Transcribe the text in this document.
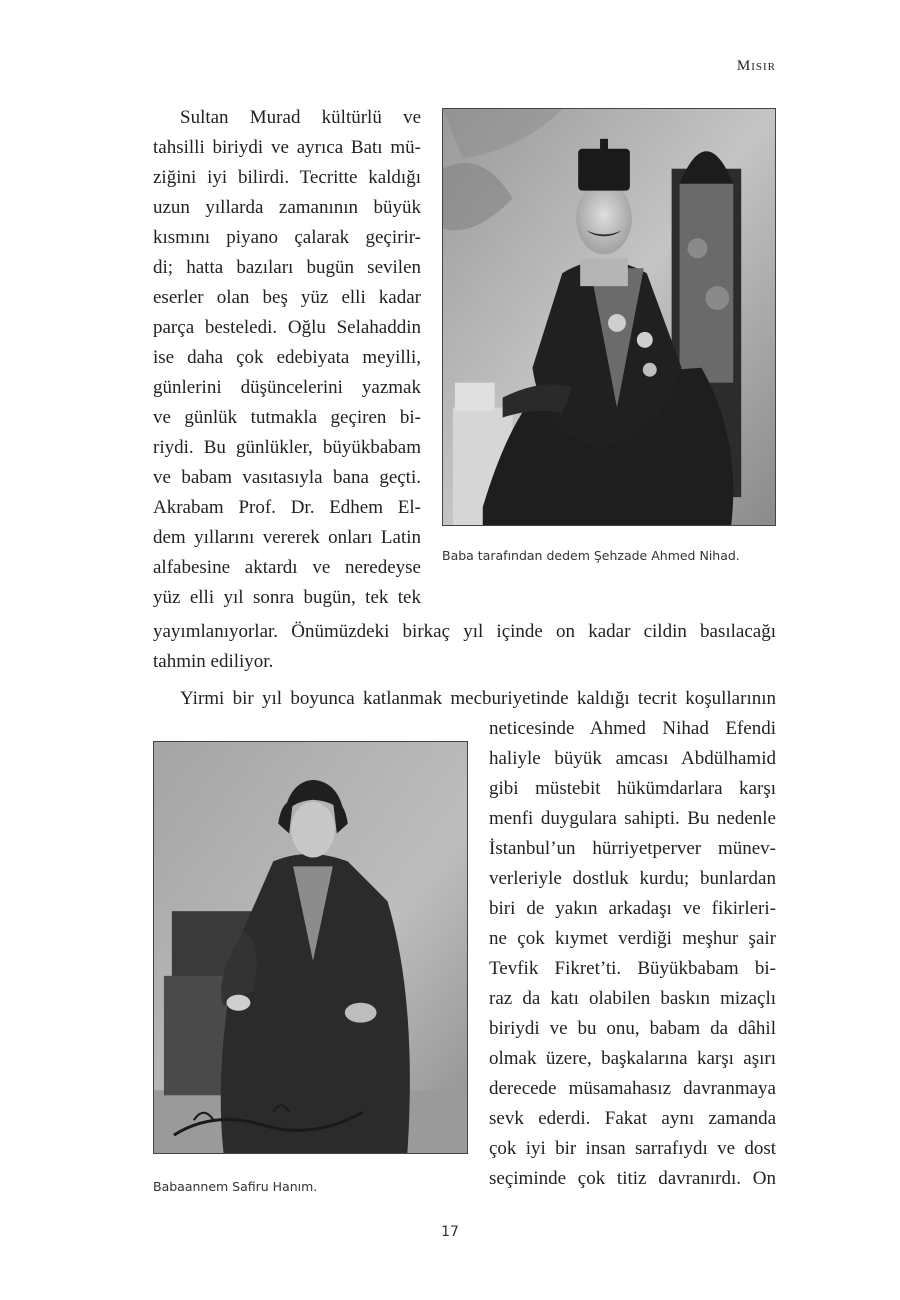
Mısır
Sultan Murad kültürlü ve
tahsilli biriydi ve ayrıca Batı mü-
ziğini iyi bilirdi. Tecritte kaldığı
uzun yıllarda zamanının büyük
kısmını piyano çalarak geçirir-
di; hatta bazıları bugün sevilen
eserler olan beş yüz elli kadar
parça besteledi. Oğlu Selahaddin
ise daha çok edebiyata meyilli,
günlerini düşüncelerini yazmak
ve günlük tutmakla geçiren bi-
riydi. Bu günlükler, büyükbabam
ve babam vasıtasıyla bana geçti.
Akrabam Prof. Dr. Edhem El-
dem yıllarını vererek onları Latin
alfabesine aktardı ve neredeyse
yüz elli yıl sonra bugün, tek tek
yayımlanıyorlar. Önümüzdeki birkaç yıl içinde on kadar cildin basılacağı
tahmin ediliyor.
Yirmi bir yıl boyunca katlanmak mecburiyetinde kaldığı tecrit koşullarının
neticesinde Ahmed Nihad Efendi
haliyle büyük amcası Abdülhamid
gibi müstebit hükümdarlara karşı
menfi duygulara sahipti. Bu nedenle
İstanbul’un hürriyetperver münev-
verleriyle dostluk kurdu; bunlardan
biri de yakın arkadaşı ve fikirleri-
ne çok kıymet verdiği meşhur şair
Tevfik Fikret’ti. Büyükbabam bi-
raz da katı olabilen baskın mizaçlı
biriydi ve bu onu, babam da dâhil
olmak üzere, başkalarına karşı aşırı
derecede müsamahasız davranmaya
sevk ederdi. Fakat aynı zamanda
çok iyi bir insan sarrafıydı ve dost
seçiminde çok titiz davranırdı. On
Baba tarafından dedem Şehzade Ahmed Nihad.
Babaannem Safiru Hanım.
17
